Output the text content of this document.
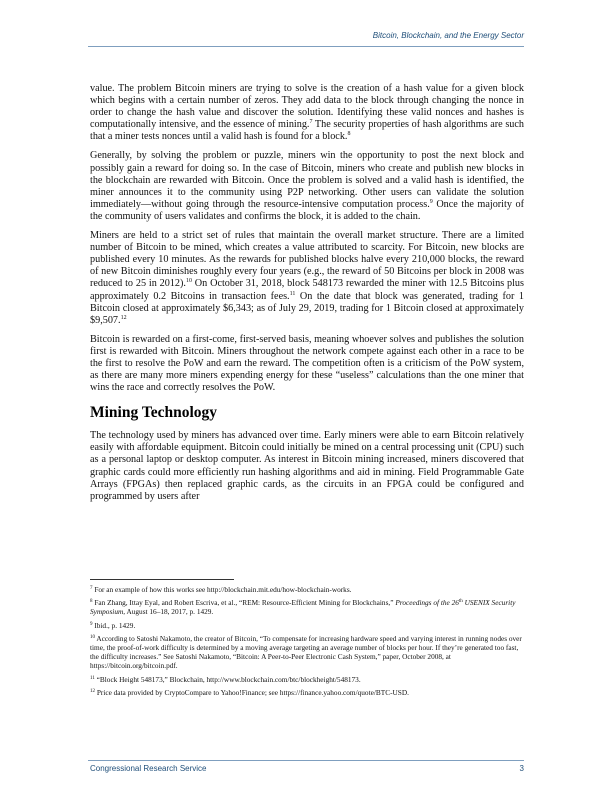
Bitcoin, Blockchain, and the Energy Sector

value. The problem Bitcoin miners are trying to solve is the creation of a hash value for a given block which begins with a certain number of zeros. They add data to the block through changing the nonce in order to change the hash value and discover the solution. Identifying these valid nonces and hashes is computationally intensive, and the essence of mining.$^7$ The security properties of hash algorithms are such that a miner tests nonces until a valid hash is found for a block.$^8$

Generally, by solving the problem or puzzle, miners win the opportunity to post the next block and possibly gain a reward for doing so. In the case of Bitcoin, miners who create and publish new blocks in the blockchain are rewarded with Bitcoin. Once the problem is solved and a valid hash is identified, the miner announces it to the community using P2P networking. Other users can validate the solution immediately—without going through the resource-intensive computation process.$^9$ Once the majority of the community of users validates and confirms the block, it is added to the chain.

Miners are held to a strict set of rules that maintain the overall market structure. There are a limited number of Bitcoin to be mined, which creates a value attributed to scarcity. For Bitcoin, new blocks are published every 10 minutes. As the rewards for published blocks halve every 210,000 blocks, the reward of new Bitcoin diminishes roughly every four years (e.g., the reward of 50 Bitcoins per block in 2008 was reduced to 25 in 2012).$^{10}$ On October 31, 2018, block 548173 rewarded the miner with 12.5 Bitcoins plus approximately 0.2 Bitcoins in transaction fees.$^{11}$ On the date that block was generated, trading for 1 Bitcoin closed at approximately $6,343; as of July 29, 2019, trading for 1 Bitcoin closed at approximately $9,507.12

Bitcoin is rewarded on a first-come, first-served basis, meaning whoever solves and publishes the solution first is rewarded with Bitcoin. Miners throughout the network compete against each other in a race to be the first to resolve the PoW and earn the reward. The competition often is a criticism of the PoW system, as there are many more miners expending energy for these “useless” calculations than the one miner that wins the race and correctly resolves the PoW.

Mining Technology

The technology used by miners has advanced over time. Early miners were able to earn Bitcoin relatively easily with affordable equipment. Bitcoin could initially be mined on a central processing unit (CPU) such as a personal laptop or desktop computer. As interest in Bitcoin mining increased, miners discovered that graphic cards could more efficiently run hashing algorithms and aid in mining. Field Programmable Gate Arrays (FPGAs) then replaced graphic cards, as the circuits in an FPGA could be configured and programmed by users after

$^7$ For an example of how this works see http://blockchain.mit.edu/how-blockchain-works.
$^8$ Fan Zhang, Ittay Eyal, and Robert Escriva, et al., “REM: Resource-Efficient Mining for Blockchains,” Proceedings of the 26th USENIX Security Symposium, August 16–18, 2017, p. 1429.
$^9$ Ibid., p. 1429.
$^{10}$ According to Satoshi Nakamoto, the creator of Bitcoin, “To compensate for increasing hardware speed and varying interest in running nodes over time, the proof-of-work difficulty is determined by a moving average targeting an average number of blocks per hour. If they’re generated too fast, the difficulty increases.” See Satoshi Nakamoto, “Bitcoin: A Peer-to-Peer Electronic Cash System,” paper, October 2008, at https://bitcoin.org/bitcoin.pdf.
$^{11}$ “Block Height 548173,” Blockchain, http://www.blockchain.com/btc/blockheight/548173.
$^{12}$ Price data provided by CryptoCompare to Yahoo!Finance; see https://finance.yahoo.com/quote/BTC-USD.
Congressional Research Service	3
